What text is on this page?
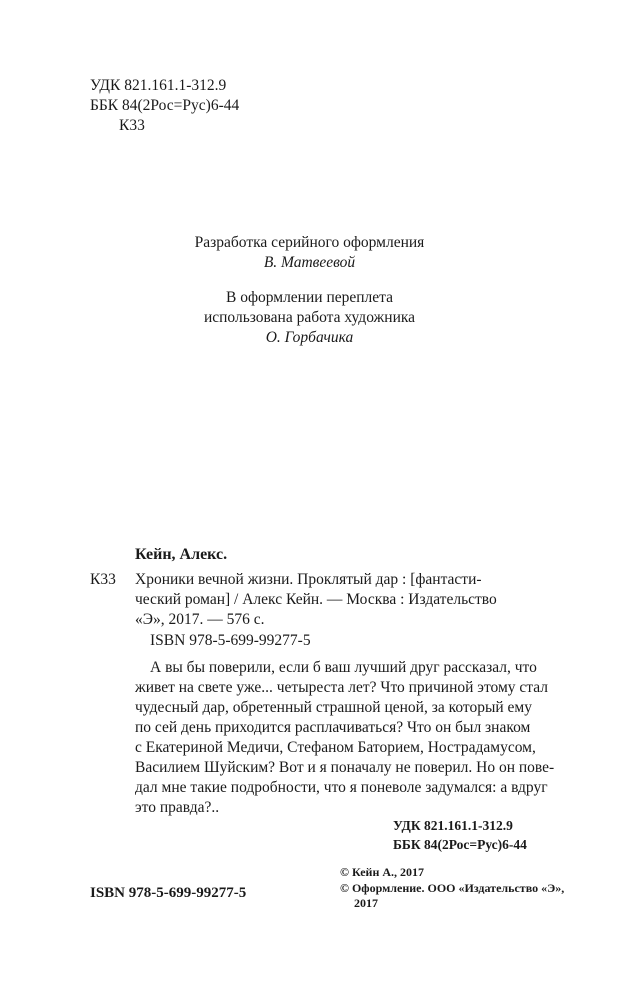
УДК 821.161.1-312.9
ББК 84(2Рос=Рус)6-44
К33
Разработка серийного оформления
В. Матвеевой
В оформлении переплета
использована работа художника
О. Горбачика
Кейн, Алекс.
К33 Хроники вечной жизни. Проклятый дар : [фантасти-
ческий роман] / Алекс Кейн. — Москва : Издательство
«Э», 2017. — 576 с.
ISBN 978-5-699-99277-5
А вы бы поверили, если б ваш лучший друг рассказал, что
живет на свете уже... четыреста лет? Что причиной этому стал
чудесный дар, обретенный страшной ценой, за который ему
по сей день приходится расплачиваться? Что он был знаком
с Екатериной Медичи, Стефаном Баторием, Нострадамусом,
Василием Шуйским? Вот и я поначалу не поверил. Но он пове-
дал мне такие подробности, что я поневоле задумался: а вдруг
это правда?..
УДК 821.161.1-312.9
ББК 84(2Рос=Рус)6-44
© Кейн А., 2017
© Оформление. ООО «Издательство «Э»,
2017
ISBN 978-5-699-99277-5
